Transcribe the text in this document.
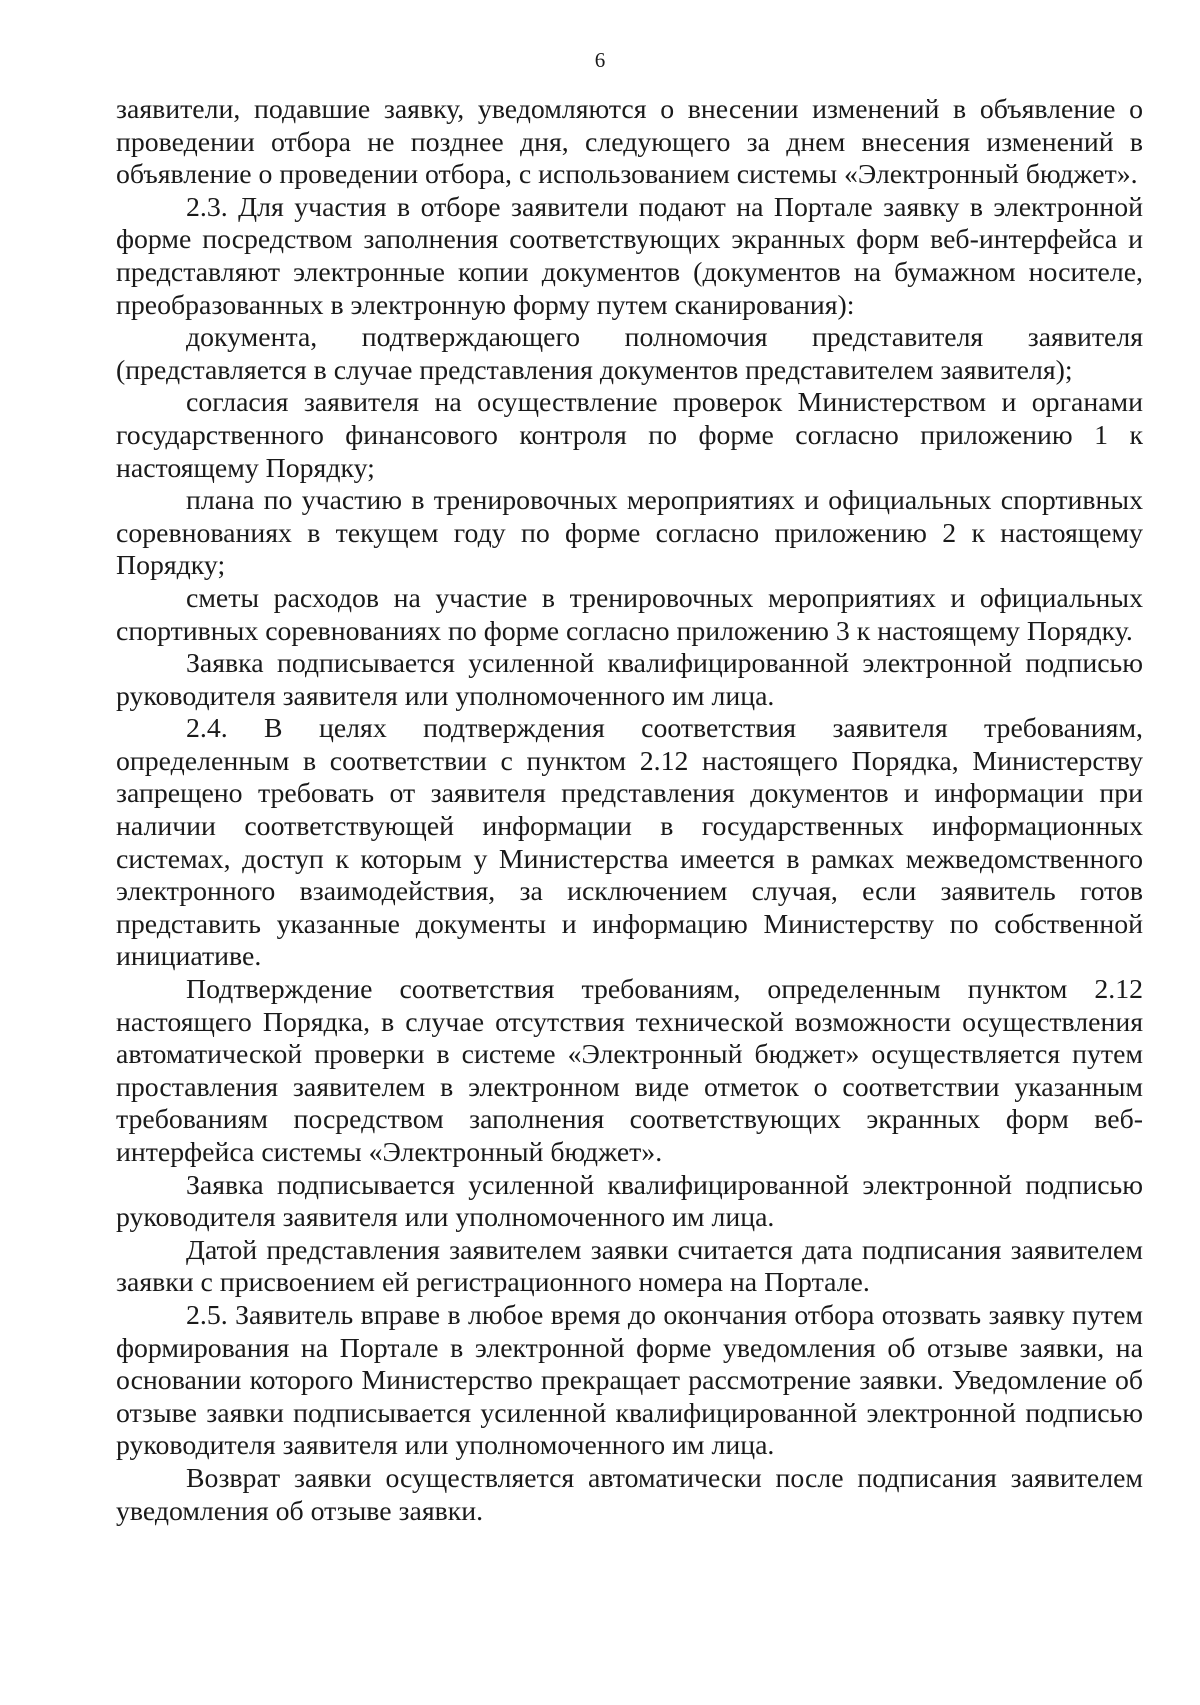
6

заявители, подавшие заявку, уведомляются о внесении изменений в объявление о проведении отбора не позднее дня, следующего за днем внесения изменений в объявление о проведении отбора, с использованием системы «Электронный бюджет».

2.3. Для участия в отборе заявители подают на Портале заявку в электронной форме посредством заполнения соответствующих экранных форм веб-интерфейса и представляют электронные копии документов (документов на бумажном носителе, преобразованных в электронную форму путем сканирования):

документа, подтверждающего полномочия представителя заявителя (представляется в случае представления документов представителем заявителя);

согласия заявителя на осуществление проверок Министерством и органами государственного финансового контроля по форме согласно приложению 1 к настоящему Порядку;

плана по участию в тренировочных мероприятиях и официальных спортивных соревнованиях в текущем году по форме согласно приложению 2 к настоящему Порядку;

сметы расходов на участие в тренировочных мероприятиях и официальных спортивных соревнованиях по форме согласно приложению 3 к настоящему Порядку.

Заявка подписывается усиленной квалифицированной электронной подписью руководителя заявителя или уполномоченного им лица.

2.4. В целях подтверждения соответствия заявителя требованиям, определенным в соответствии с пунктом 2.12 настоящего Порядка, Министерству запрещено требовать от заявителя представления документов и информации при наличии соответствующей информации в государственных информационных системах, доступ к которым у Министерства имеется в рамках межведомственного электронного взаимодействия, за исключением случая, если заявитель готов представить указанные документы и информацию Министерству по собственной инициативе.

Подтверждение соответствия требованиям, определенным пунктом 2.12 настоящего Порядка, в случае отсутствия технической возможности осуществления автоматической проверки в системе «Электронный бюджет» осуществляется путем проставления заявителем в электронном виде отметок о соответствии указанным требованиям посредством заполнения соответствующих экранных форм веб-интерфейса системы «Электронный бюджет».

Заявка подписывается усиленной квалифицированной электронной подписью руководителя заявителя или уполномоченного им лица.

Датой представления заявителем заявки считается дата подписания заявителем заявки с присвоением ей регистрационного номера на Портале.

2.5. Заявитель вправе в любое время до окончания отбора отозвать заявку путем формирования на Портале в электронной форме уведомления об отзыве заявки, на основании которого Министерство прекращает рассмотрение заявки. Уведомление об отзыве заявки подписывается усиленной квалифицированной электронной подписью руководителя заявителя или уполномоченного им лица.

Возврат заявки осуществляется автоматически после подписания заявителем уведомления об отзыве заявки.
